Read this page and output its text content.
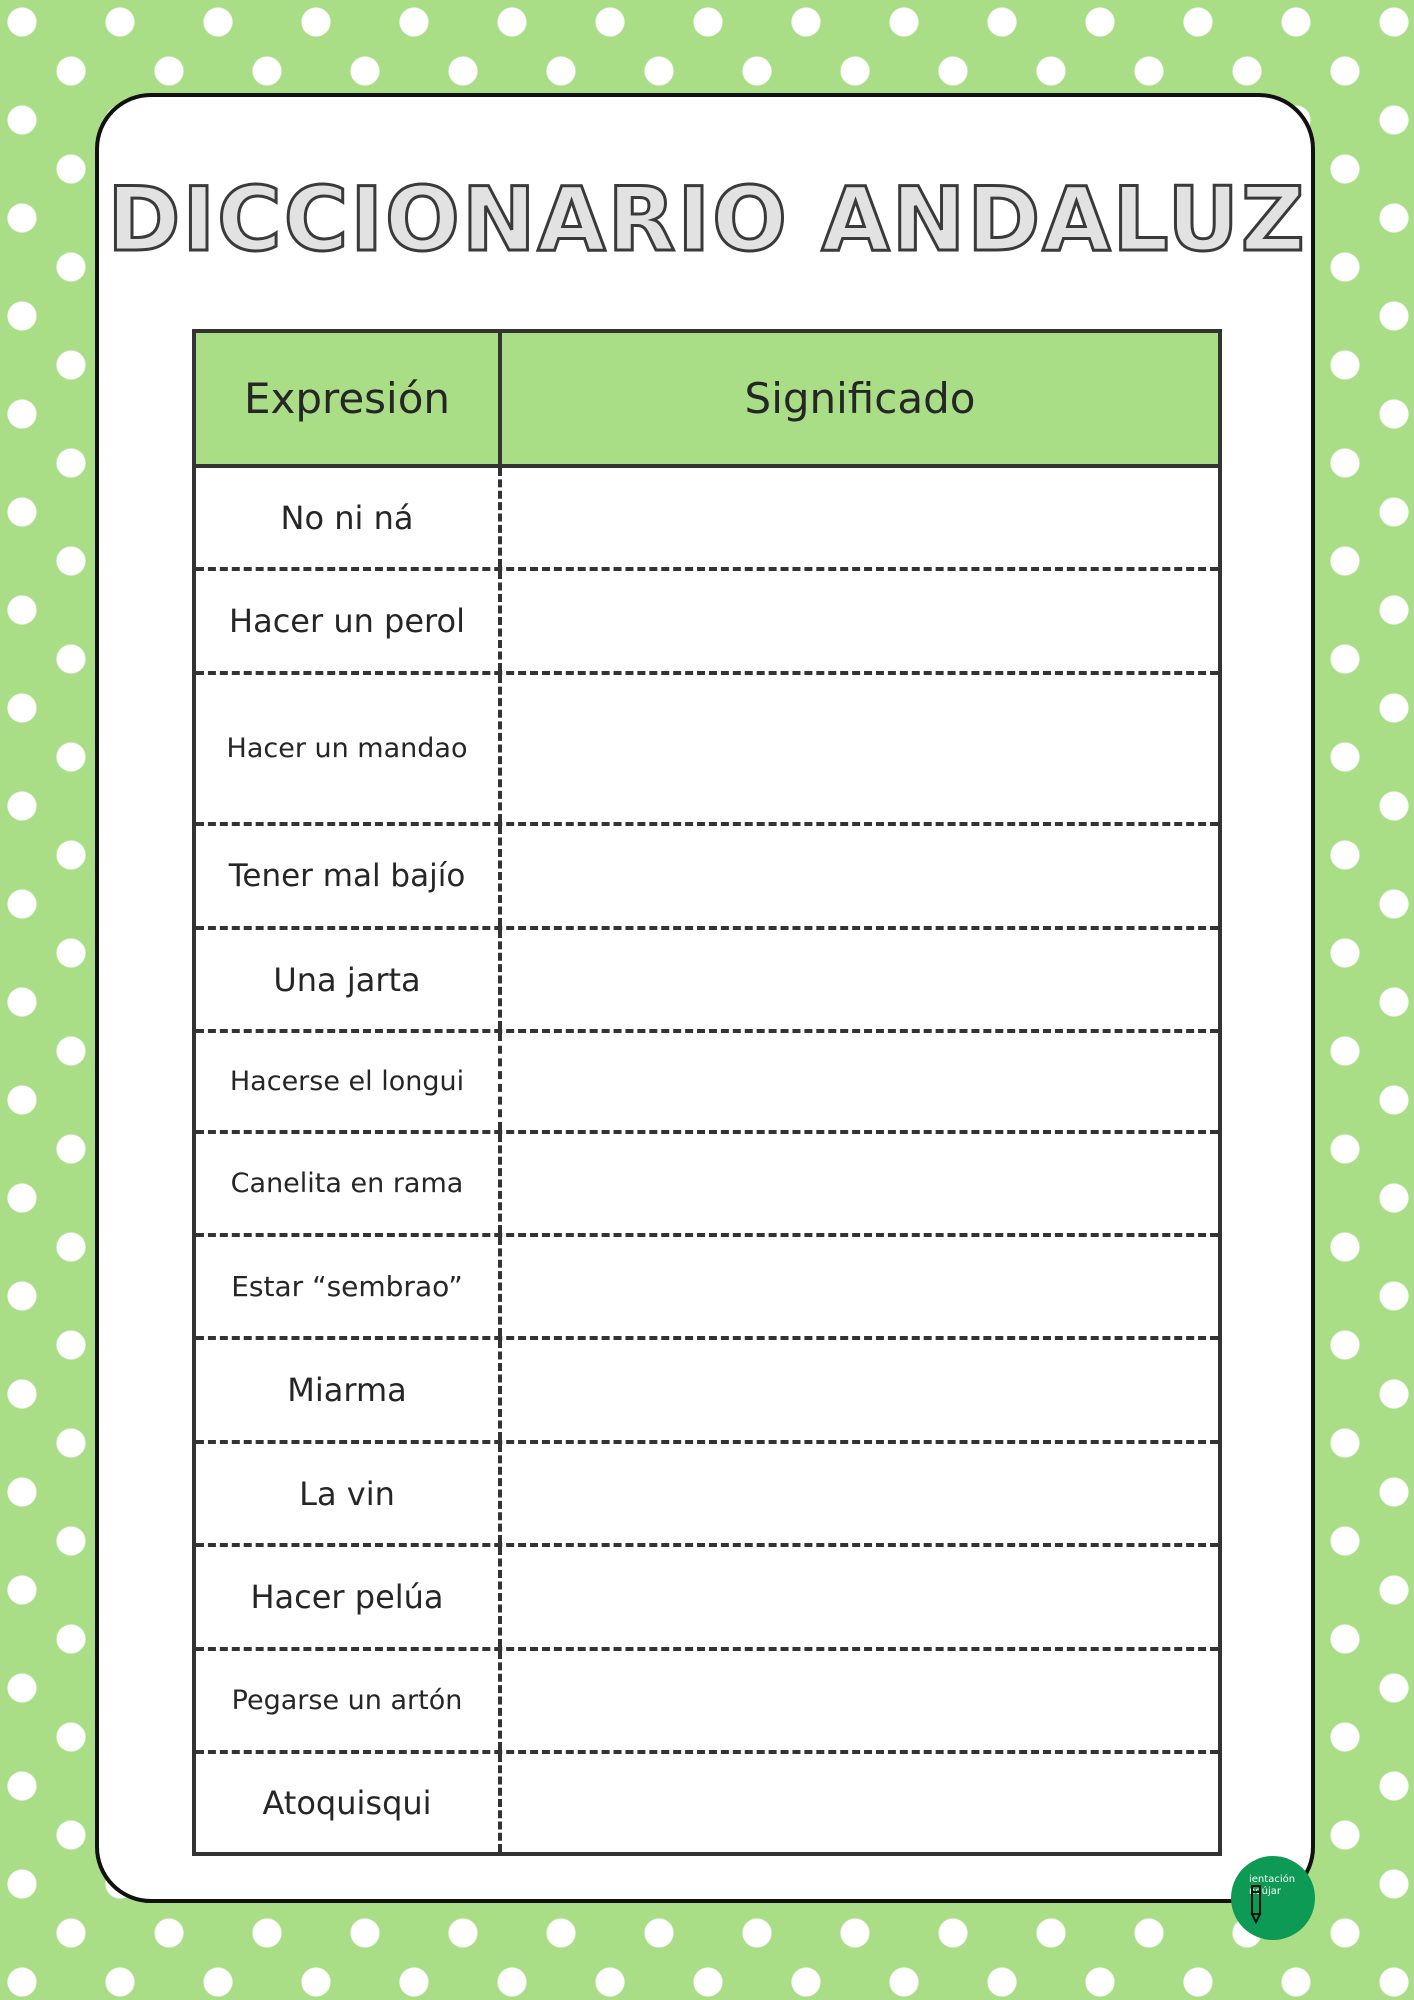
DICCIONARIO ANDALUZ
Expresión	Significado
No ni ná
Hacer un perol
Hacer un mandao
Tener mal bajío
Una jarta
Hacerse el longui
Canelita en rama
Estar “sembrao”
Miarma
La vin
Hacer pelúa
Pegarse un artón
Atoquisqui
ientación
ndújar
